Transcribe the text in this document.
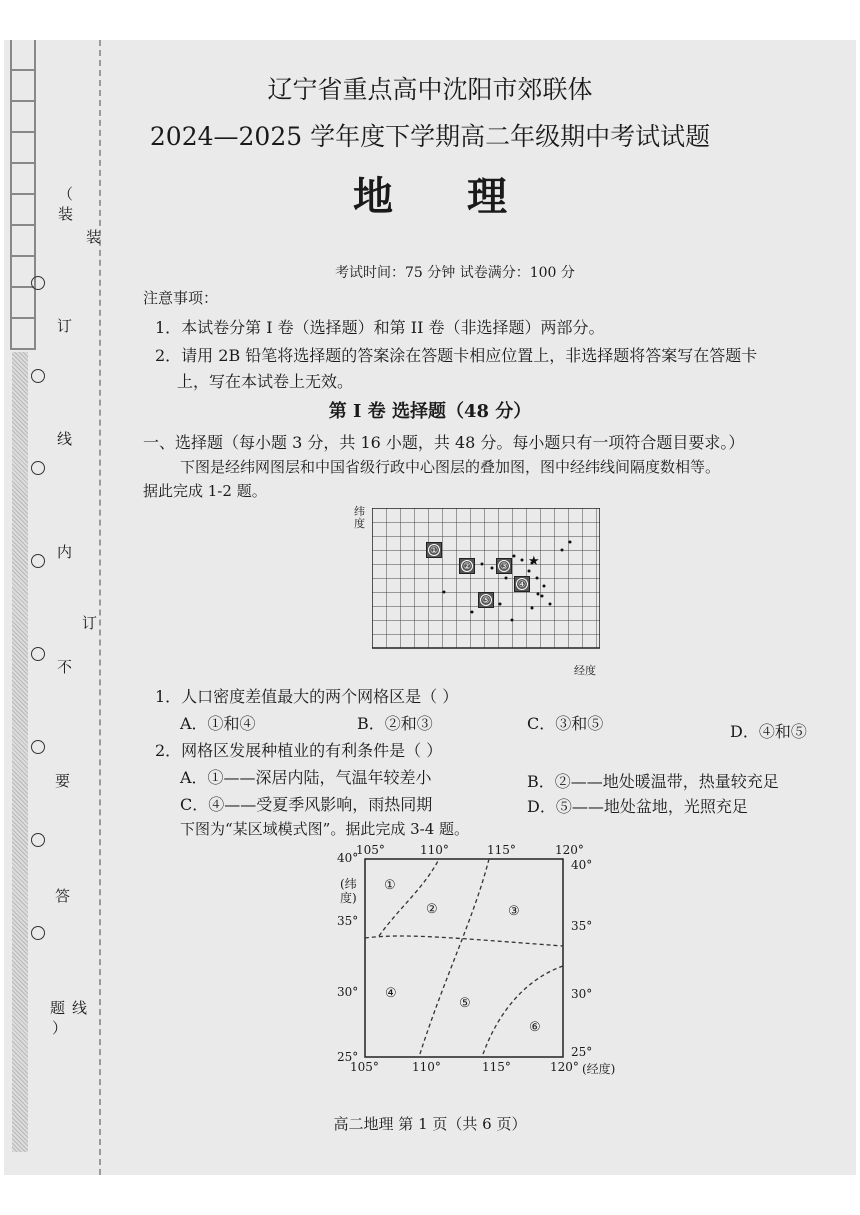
（
装
订
线
内
不
要
答
题
）
装
订
线
辽宁省重点高中沈阳市郊联体
2024—2025 学年度下学期高二年级期中考试试题
地 理
考试时间：75 分钟 试卷满分：100 分
注意事项：
1．本试卷分第 I 卷（选择题）和第 II 卷（非选择题）两部分。
2．请用 2B 铅笔将选择题的答案涂在答题卡相应位置上，非选择题将答案写在答题卡
上，写在本试卷上无效。
第 I 卷 选择题（48 分）
一、选择题（每小题 3 分，共 16 小题，共 48 分。每小题只有一项符合题目要求。）
下图是经纬网图层和中国省级行政中心图层的叠加图，图中经纬线间隔度数相等。
据此完成 1-2 题。
纬度
★
①
②	③
④
⑤
经度
1．人口密度差值最大的两个网格区是（ ）
A．①和④	B．②和③	C．③和⑤	D．④和⑤
2．网格区发展种植业的有利条件是（ ）
A．①——深居内陆，气温年较差小	B．②——地处暖温带，热量较充足
C．④——受夏季风影响，雨热同期	D．⑤——地处盆地，光照充足
下图为“某区域模式图”。据此完成 3-4 题。
105°	110°	115°	120°
40°
35°
30°
25°
40°
35°
30°
25°
(纬度)
①
②	③
④
⑤
⑥
105°	110°	115°	120° (经度)
高二地理 第 1 页（共 6 页）
